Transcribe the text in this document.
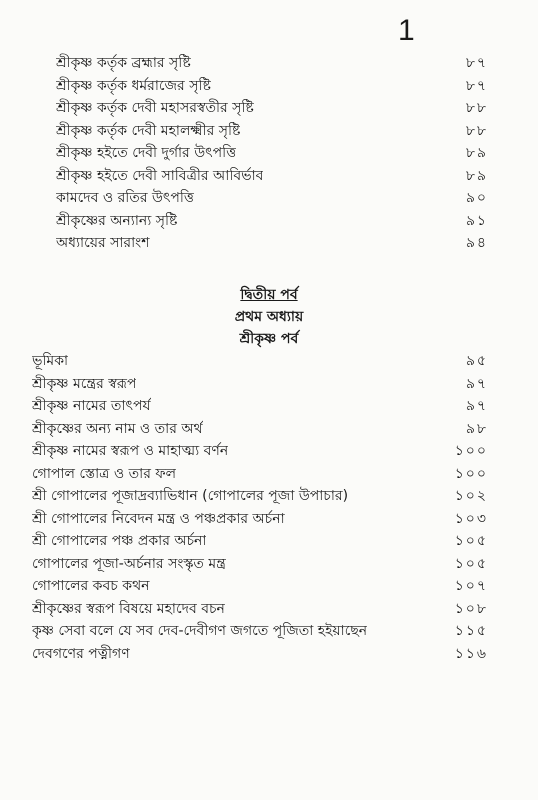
1
শ্রীকৃষ্ণ কর্তৃক ব্রহ্মার সৃষ্টি	৮৭
শ্রীকৃষ্ণ কর্তৃক ধর্মরাজের সৃষ্টি	৮৭
শ্রীকৃষ্ণ কর্তৃক দেবী মহাসরস্বতীর সৃষ্টি	৮৮
শ্রীকৃষ্ণ কর্তৃক দেবী মহালক্ষ্মীর সৃষ্টি	৮৮
শ্রীকৃষ্ণ হইতে দেবী দুর্গার উৎপত্তি	৮৯
শ্রীকৃষ্ণ হইতে দেবী সাবিত্রীর আবির্ভাব	৮৯
কামদেব ও রতির উৎপত্তি	৯০
শ্রীকৃষ্ণের অন্যান্য সৃষ্টি	৯১
অধ্যায়ের সারাংশ	৯৪
দ্বিতীয় পর্ব
প্রথম অধ্যায়
শ্রীকৃষ্ণ পর্ব
ভূমিকা	৯৫
শ্রীকৃষ্ণ মন্ত্রের স্বরূপ	৯৭
শ্রীকৃষ্ণ নামের তাৎপর্য	৯৭
শ্রীকৃষ্ণের অন্য নাম ও তার অর্থ	৯৮
শ্রীকৃষ্ণ নামের স্বরূপ ও মাহাত্ম্য বর্ণন	১০০
গোপাল স্তোত্র ও তার ফল	১০০
শ্রী গোপালের পূজাদ্রব্যাভিধান (গোপালের পূজা উপাচার)	১০২
শ্রী গোপালের নিবেদন মন্ত্র ও পঞ্চপ্রকার অর্চনা	১০৩
শ্রী গোপালের পঞ্চ প্রকার অর্চনা	১০৫
গোপালের পূজা-অর্চনার সংস্কৃত মন্ত্র	১০৫
গোপালের কবচ কথন	১০৭
শ্রীকৃষ্ণের স্বরূপ বিষয়ে মহাদেব বচন	১০৮
কৃষ্ণ সেবা বলে যে সব দেব-দেবীগণ জগতে পূজিতা হইয়াছেন	১১৫
দেবগণের পত্নীগণ	১১৬
